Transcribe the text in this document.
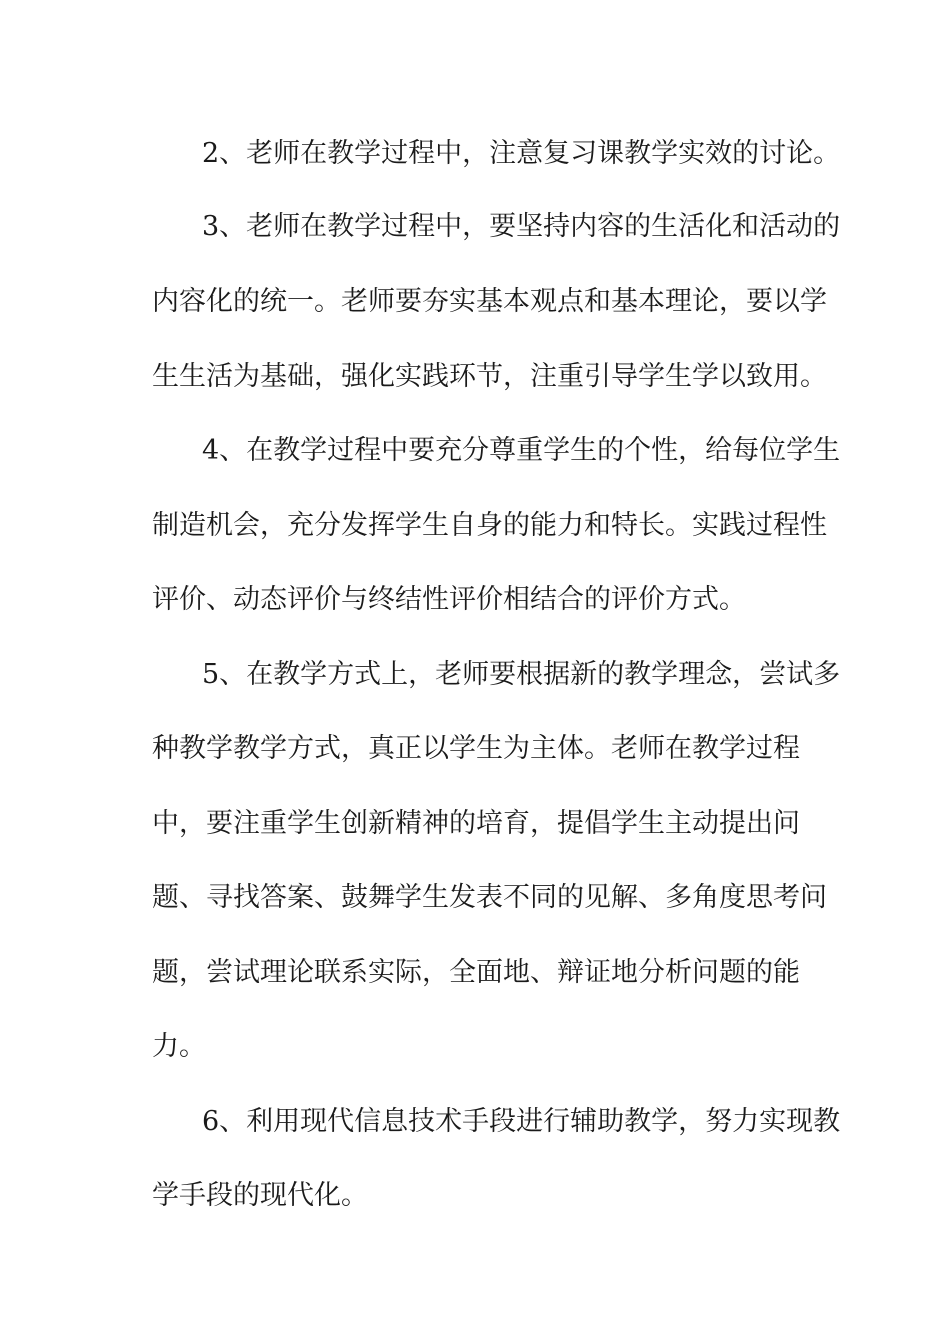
2、老师在教学过程中，注意复习课教学实效的讨论。
3、老师在教学过程中，要坚持内容的生活化和活动的
内容化的统一。老师要夯实基本观点和基本理论，要以学
生生活为基础，强化实践环节，注重引导学生学以致用。
4、在教学过程中要充分尊重学生的个性，给每位学生
制造机会，充分发挥学生自身的能力和特长。实践过程性
评价、动态评价与终结性评价相结合的评价方式。
5、在教学方式上，老师要根据新的教学理念，尝试多
种教学教学方式，真正以学生为主体。老师在教学过程
中，要注重学生创新精神的培育，提倡学生主动提出问
题、寻找答案、鼓舞学生发表不同的见解、多角度思考问
题，尝试理论联系实际，全面地、辩证地分析问题的能
力。
6、利用现代信息技术手段进行辅助教学，努力实现教
学手段的现代化。
